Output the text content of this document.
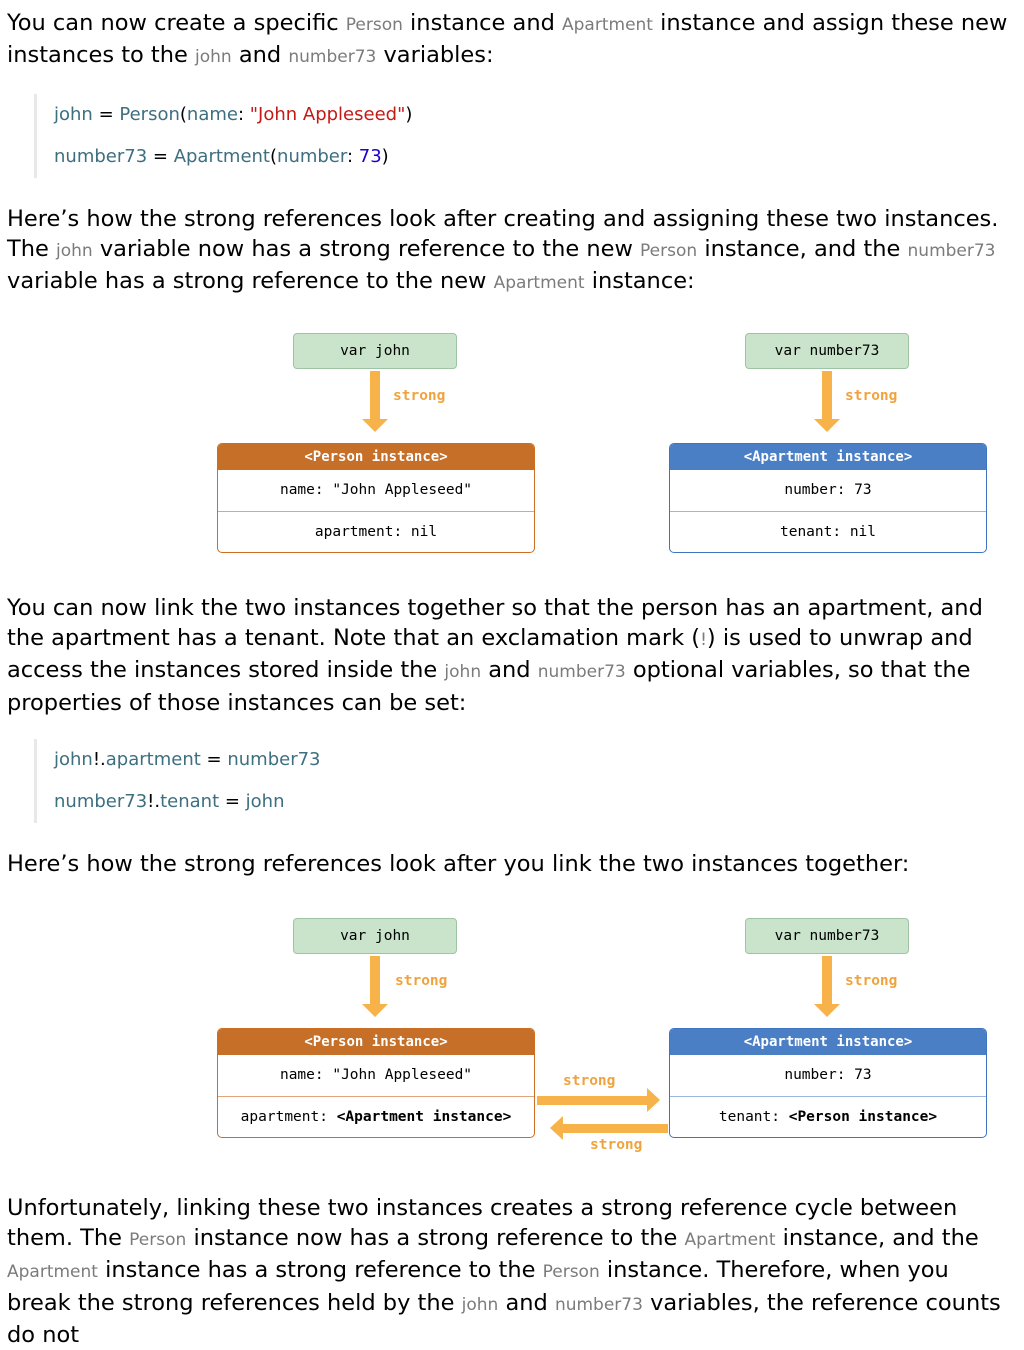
You can now create a specific Person instance and Apartment instance and assign these new instances to the john and number73 variables:

john = Person(name: "John Appleseed")
number73 = Apartment(number: 73)

Here’s how the strong references look after creating and assigning these two instances. The john variable now has a strong reference to the new Person instance, and the number73 variable has a strong reference to the new Apartment instance:

var john	var number73
strong	strong
<Person instance>
name: "John Appleseed"
apartment: nil
<Apartment instance>
number: 73
tenant: nil

You can now link the two instances together so that the person has an apartment, and the apartment has a tenant. Note that an exclamation mark (!) is used to unwrap and access the instances stored inside the john and number73 optional variables, so that the properties of those instances can be set:

john!.apartment = number73
number73!.tenant = john

Here’s how the strong references look after you link the two instances together:

var john	var number73
strong	strong
<Person instance>
name: "John Appleseed"
apartment: <Apartment instance>
<Apartment instance>
number: 73
tenant: <Person instance>
strong
strong

Unfortunately, linking these two instances creates a strong reference cycle between them. The Person instance now has a strong reference to the Apartment instance, and the Apartment instance has a strong reference to the Person instance. Therefore, when you break the strong references held by the john and number73 variables, the reference counts do not
